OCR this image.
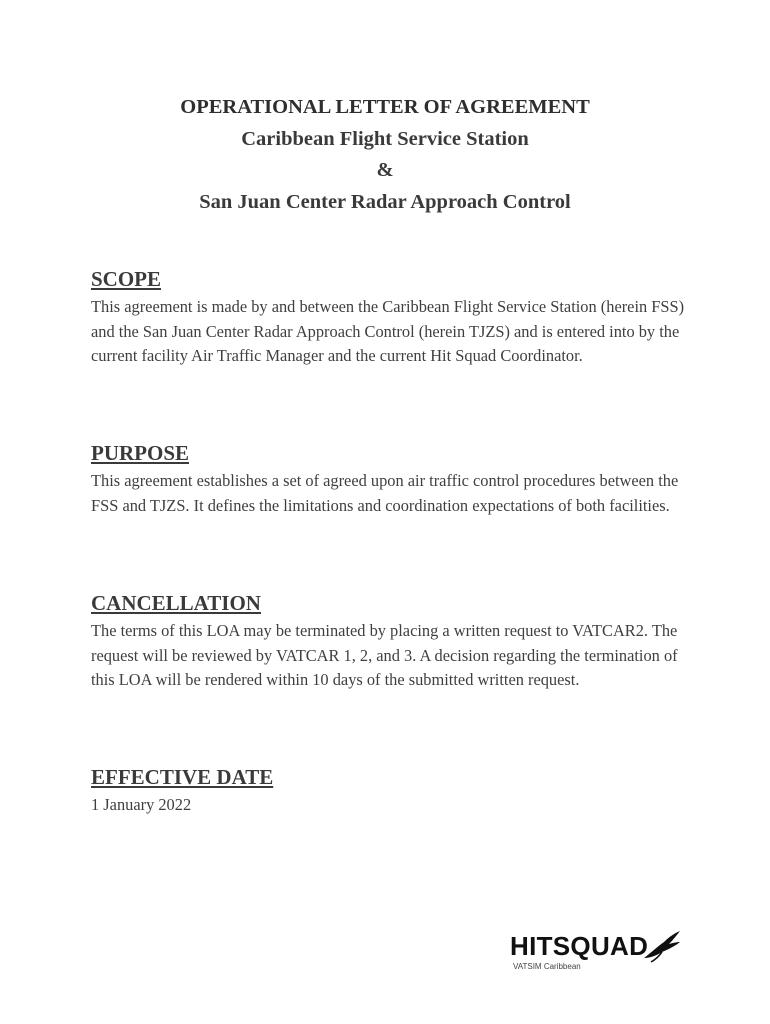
OPERATIONAL LETTER OF AGREEMENT
Caribbean Flight Service Station
&
San Juan Center Radar Approach Control
SCOPE

This agreement is made by and between the Caribbean Flight Service Station (herein FSS) and the San Juan Center Radar Approach Control (herein TJZS) and is entered into by the current facility Air Traffic Manager and the current Hit Squad Coordinator.

PURPOSE

This agreement establishes a set of agreed upon air traffic control procedures between the FSS and TJZS. It defines the limitations and coordination expectations of both facilities.

CANCELLATION

The terms of this LOA may be terminated by placing a written request to VATCAR2. The request will be reviewed by VATCAR 1, 2, and 3. A decision regarding the termination of this LOA will be rendered within 10 days of the submitted written request.

EFFECTIVE DATE

1 January 2022

HITSQUAD
VATSIM Caribbean
